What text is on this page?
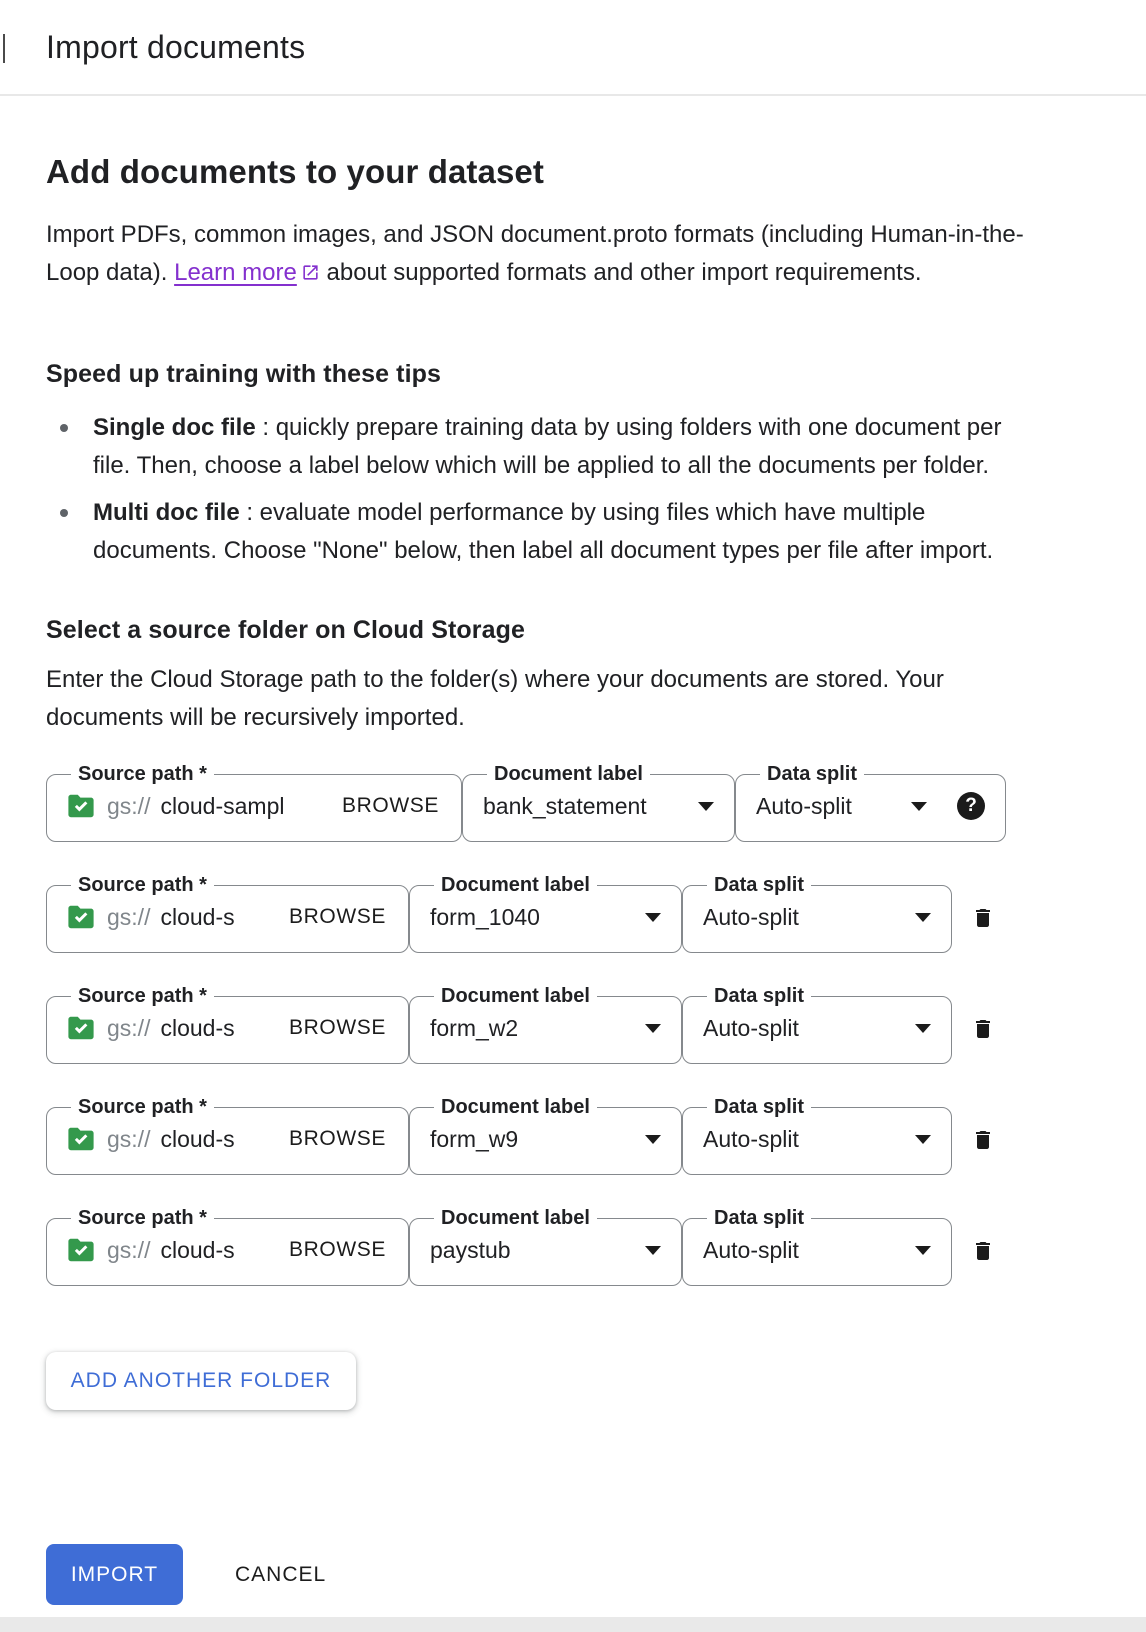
Import documents
Add documents to your dataset

Import PDFs, common images, and JSON document.proto formats (including Human-in-the-Loop data). Learn more about supported formats and other import requirements.

Speed up training with these tips
Single doc file : quickly prepare training data by using folders with one document per file. Then, choose a label below which will be applied to all the documents per folder.
Multi doc file : evaluate model performance by using files which have multiple documents. Choose "None" below, then label all document types per file after import.
Select a source folder on Cloud Storage

Enter the Cloud Storage path to the folder(s) where your documents are stored. Your documents will be recursively imported.

Source path *
gs:// cloud-sampl	BROWSE
Document label
bank_statement
Data split
Auto-split	?
Source path *
gs:// cloud-s	BROWSE
Document label
form_1040
Data split
Auto-split
Source path *
gs:// cloud-s	BROWSE
Document label
form_w2
Data split
Auto-split
Source path *
gs:// cloud-s	BROWSE
Document label
form_w9
Data split
Auto-split
Source path *
gs:// cloud-s	BROWSE
Document label
paystub
Data split
Auto-split
ADD ANOTHER FOLDER
IMPORT	CANCEL
